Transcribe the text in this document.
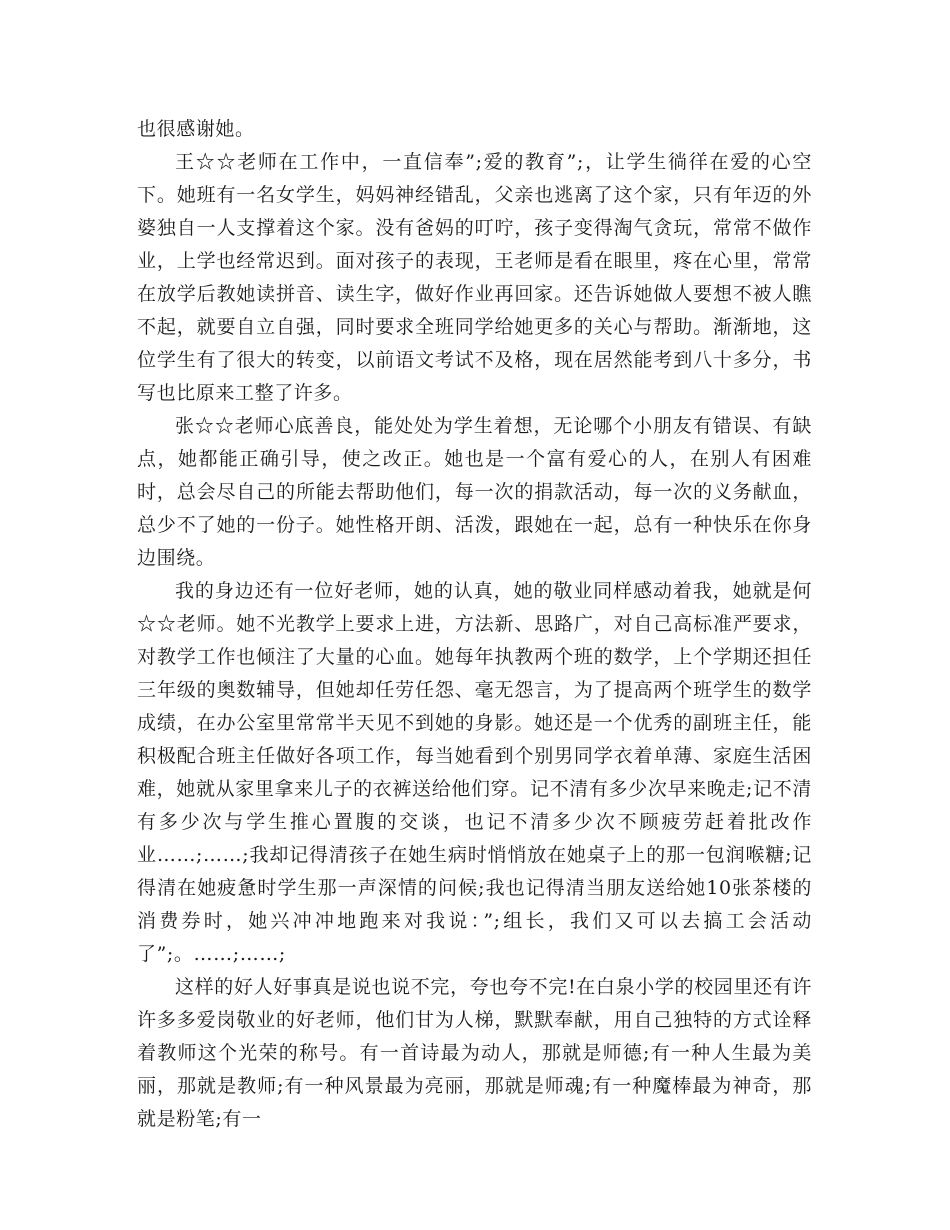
也很感谢她。

王☆☆老师在工作中，一直信奉”;爱的教育”;，让学生徜徉在爱的心空下。她班有一名女学生，妈妈神经错乱，父亲也逃离了这个家，只有年迈的外婆独自一人支撑着这个家。没有爸妈的叮咛，孩子变得淘气贪玩，常常不做作业，上学也经常迟到。面对孩子的表现，王老师是看在眼里，疼在心里，常常在放学后教她读拼音、读生字，做好作业再回家。还告诉她做人要想不被人瞧不起，就要自立自强，同时要求全班同学给她更多的关心与帮助。渐渐地，这位学生有了很大的转变，以前语文考试不及格，现在居然能考到八十多分，书写也比原来工整了许多。

张☆☆老师心底善良，能处处为学生着想，无论哪个小朋友有错误、有缺点，她都能正确引导，使之改正。她也是一个富有爱心的人，在别人有困难时，总会尽自己的所能去帮助他们，每一次的捐款活动，每一次的义务献血，总少不了她的一份子。她性格开朗、活泼，跟她在一起，总有一种快乐在你身边围绕。

我的身边还有一位好老师，她的认真，她的敬业同样感动着我，她就是何☆☆老师。她不光教学上要求上进，方法新、思路广，对自己高标准严要求，对教学工作也倾注了大量的心血。她每年执教两个班的数学，上个学期还担任三年级的奥数辅导，但她却任劳任怨、毫无怨言，为了提高两个班学生的数学成绩，在办公室里常常半天见不到她的身影。她还是一个优秀的副班主任，能积极配合班主任做好各项工作，每当她看到个别男同学衣着单薄、家庭生活困难，她就从家里拿来儿子的衣裤送给他们穿。记不清有多少次早来晚走;记不清有多少次与学生推心置腹的交谈，也记不清多少次不顾疲劳赶着批改作业……;……;我却记得清孩子在她生病时悄悄放在她桌子上的那一包润喉糖;记得清在她疲惫时学生那一声深情的问候;我也记得清当朋友送给她10张茶楼的消费券时，她兴冲冲地跑来对我说：”;组长，我们又可以去搞工会活动了”;。……;……;

这样的好人好事真是说也说不完，夸也夸不完!在白泉小学的校园里还有许许多多爱岗敬业的好老师，他们甘为人梯，默默奉献，用自己独特的方式诠释着教师这个光荣的称号。有一首诗最为动人，那就是师德;有一种人生最为美丽，那就是教师;有一种风景最为亮丽，那就是师魂;有一种魔棒最为神奇，那就是粉笔;有一
